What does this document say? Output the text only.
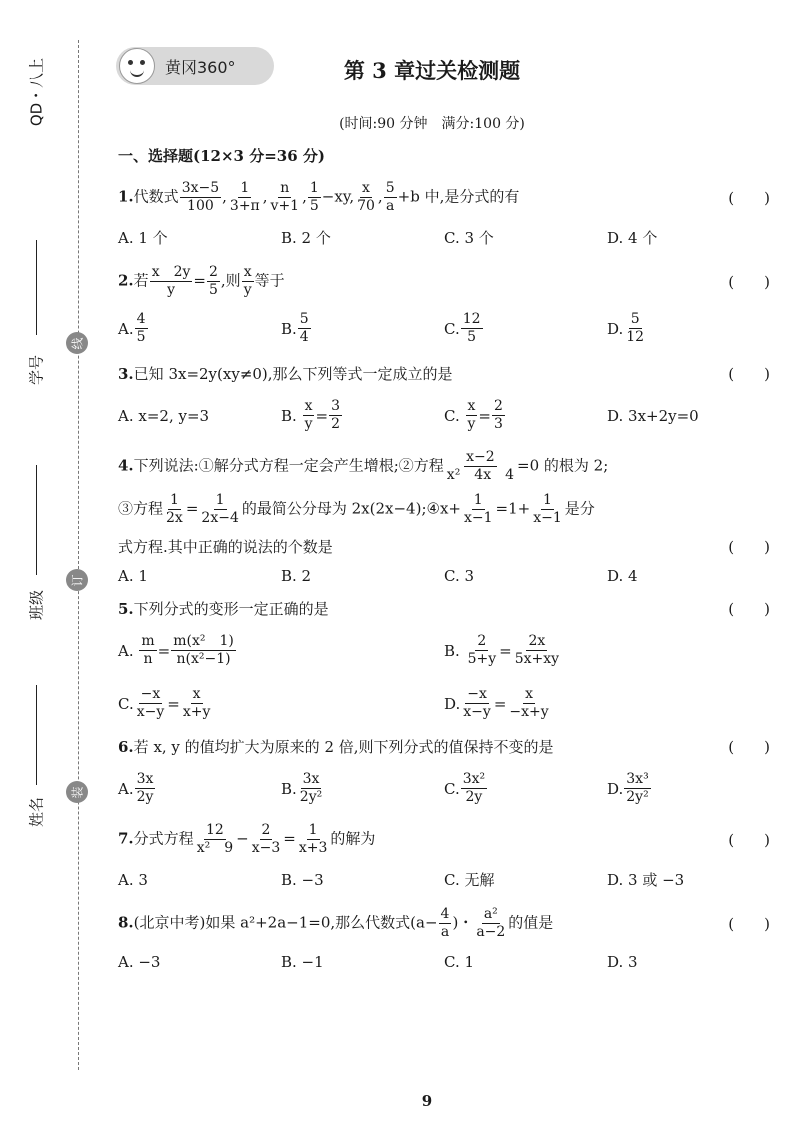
QD・八上
学号
班级
姓名
线
订
装
黄冈360°	第 3 章过关检测题
(时间:90 分钟　满分:100 分)
一、选择题(12×3 分=36 分)
1.代数式 $\frac{3x-5}{100}$ , $\frac{1}{3+\pi}$ , $\frac{n}{v+1}$ , $\frac{1}{5} -xy$, $\frac{x}{70}$ , $\frac{5}{a} +b$ 中,是分式的有	(　　)
A. 1 个	B. 2 个	C. 3 个	D. 4 个
2.若 $\frac{x 2y}{y} = \frac{2}{5}$ ,则 $\frac{x}{y}$ 等于	(　　)
A. $\frac{4}{5}$	B. $\frac{5}{4}$	C. $\frac{12}{5}$	D. $\frac{5}{12}$
3.已知 3x=2y(xy≠0),那么下列等式一定成立的是	(　　)
A. x=2, y=3	B.
$\frac{x}{y} = \frac{3}{2}$	C.
$\frac{x}{y} = \frac{2}{3}$	D. 3x+2y=0
4.下列说法:①解分式方程一定会产生增根;②方程 $\frac{x-2}{\text{x²　4x　4}} =0$ 的根为 2;
③方程 $\frac{1}{2x} = \frac{1}{2x-4}$ 的最简公分母为 2x(2x−4);④x+ $\frac{1}{x-1} =1+ \frac{1}{x-1}$ 是分
式方程.其中正确的说法的个数是	(　　)
A. 1	B. 2	C. 3	D. 4
5.下列分式的变形一定正确的是	(　　)
A.
$\frac{m}{n} = \frac{\text{m(x²　1)}}{\text{n(x²−1)}}$	B.
$\frac{2}{5+y} = \frac{2x}{5x+xy}$
C. $\frac{-x}{x-y} = \frac{x}{x+y}$	D. $\frac{-x}{x-y} = \frac{x}{-x+y}$
6.若 x, y 的值均扩大为原来的 2 倍,则下列分式的值保持不变的是	(　　)
A. $\frac{3x}{2y}$	B. $\frac{3x}{\text{2y²}}$	C. $\frac{\text{3x²}}{2y}$	D. $\frac{\text{3x³}}{\text{2y²}}$
7.分式方程 $\frac{12}{\text{x²　9}} - \frac{2}{x-3} = \frac{1}{x+3}$ 的解为	(　　)
A. 3	B. −3	C. 无解	D. 3 或 −3
8.(北京中考)如果 a²+2a−1=0,那么代数式($a- \frac{4}{a}$ )・ $\frac{\text{a²}}{a-2}$ 的值是	(　　)
A. −3	B. −1	C. 1	D. 3
9
